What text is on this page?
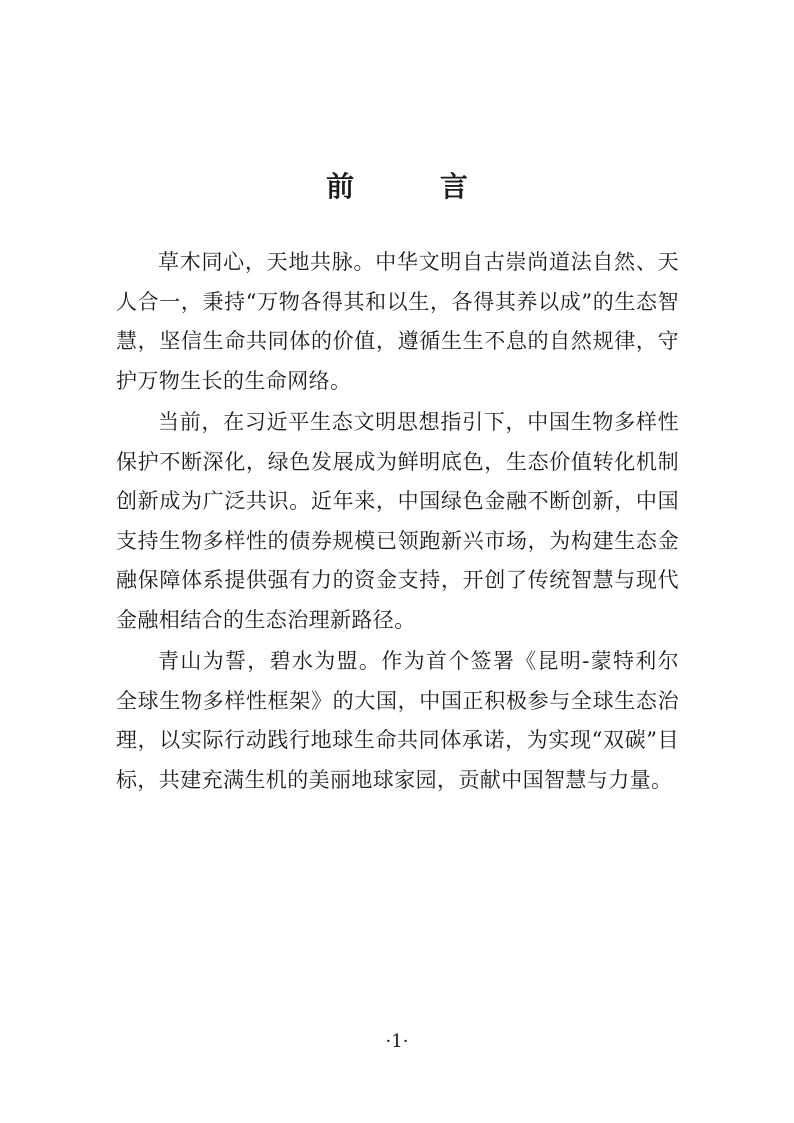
前 言

草木同心，天地共脉。中华文明自古崇尚道法自然、天人合一，秉持“万物各得其和以生，各得其养以成”的生态智慧，坚信生命共同体的价值，遵循生生不息的自然规律，守护万物生长的生命网络。

当前，在习近平生态文明思想指引下，中国生物多样性保护不断深化，绿色发展成为鲜明底色，生态价值转化机制创新成为广泛共识。近年来，中国绿色金融不断创新，中国支持生物多样性的债券规模已领跑新兴市场，为构建生态金融保障体系提供强有力的资金支持，开创了传统智慧与现代金融相结合的生态治理新路径。

青山为誓，碧水为盟。作为首个签署《昆明-蒙特利尔全球生物多样性框架》的大国，中国正积极参与全球生态治理，以实际行动践行地球生命共同体承诺，为实现“双碳”目标，共建充满生机的美丽地球家园，贡献中国智慧与力量。

·1·
